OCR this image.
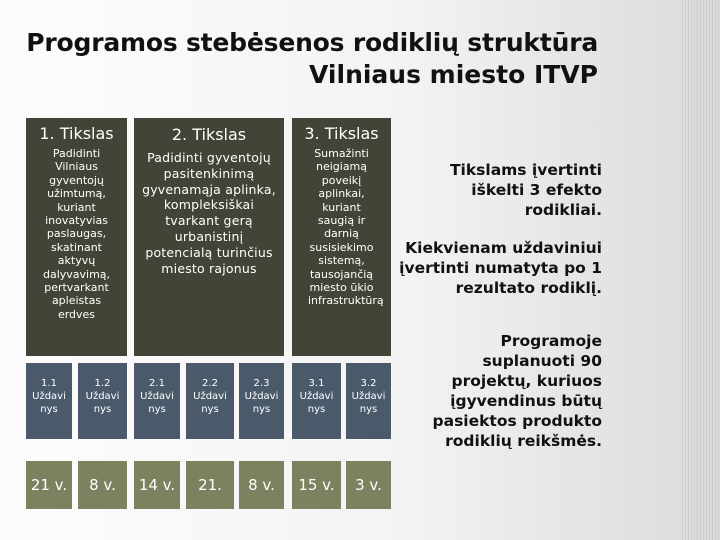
Programos stebėsenos rodiklių struktūra
Vilniaus miesto ITVP
1. Tikslas
Padidinti Vilniaus gyventojų užimtumą, kuriant inovatyvias paslaugas, skatinant aktyvų dalyvavimą, pertvarkant apleistas erdves
2. Tikslas
Padidinti gyventojų pasitenkinimą gyvenamąja aplinka, kompleksiškai tvarkant gerą urbanistinį potencialą turinčius miesto rajonus
3. Tikslas
Sumažinti neigiamą poveikį aplinkai, kuriant saugią ir darnią susisiekimo sistemą, tausojančią miesto ūkio infrastruktūrą
1.1
Uždavi nys
1.2
Uždavi nys
2.1
Uždavi nys
2.2
Uždavi nys
2.3
Uždavi nys
3.1
Uždavi nys
3.2
Uždavi nys
21 v.	8 v.	14 v.	21.	8 v.	15 v.	3 v.
Tikslams įvertinti iškelti 3 efekto rodikliai.
Kiekvienam uždaviniui įvertinti numatyta po 1 rezultato rodiklį.
Programoje suplanuoti 90 projektų, kuriuos įgyvendinus būtų pasiektos produkto rodiklių reikšmės.
